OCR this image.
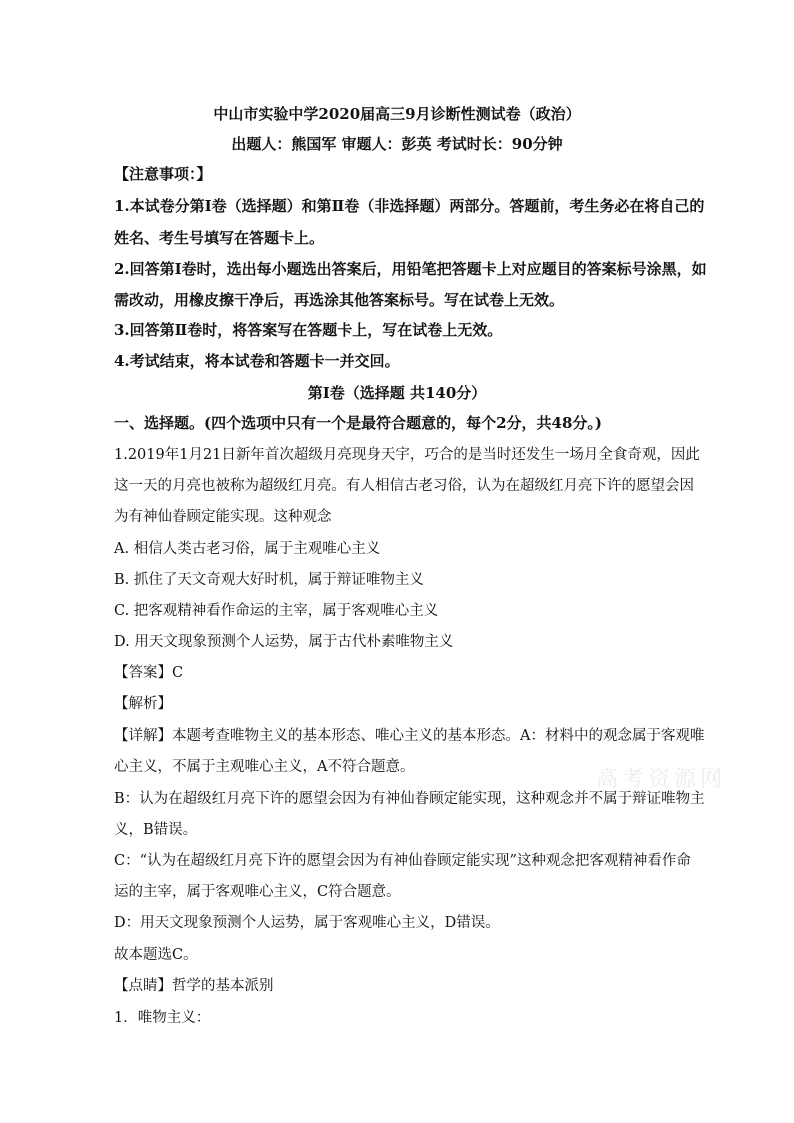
中山市实验中学2020届高三9月诊断性测试卷（政治）
出题人：熊国军 审题人：彭英 考试时长：90分钟
【注意事项：】
1.本试卷分第Ⅰ卷（选择题）和第Ⅱ卷（非选择题）两部分。答题前，考生务必在将自己的
姓名、考生号填写在答题卡上。
2.回答第Ⅰ卷时，选出每小题选出答案后，用铅笔把答题卡上对应题目的答案标号涂黑，如
需改动，用橡皮擦干净后，再选涂其他答案标号。写在试卷上无效。
3.回答第Ⅱ卷时，将答案写在答题卡上，写在试卷上无效。
4.考试结束，将本试卷和答题卡一并交回。
第Ⅰ卷（选择题 共140分）
一、选择题。(四个选项中只有一个是最符合题意的，每个2分，共48分。)
1.2019年1月21日新年首次超级月亮现身天宇，巧合的是当时还发生一场月全食奇观，因此
这一天的月亮也被称为超级红月亮。有人相信古老习俗，认为在超级红月亮下许的愿望会因
为有神仙眷顾定能实现。这种观念
A. 相信人类古老习俗，属于主观唯心主义
B. 抓住了天文奇观大好时机，属于辩证唯物主义
C. 把客观精神看作命运的主宰，属于客观唯心主义
D. 用天文现象预测个人运势，属于古代朴素唯物主义
【答案】C
【解析】
【详解】本题考查唯物主义的基本形态、唯心主义的基本形态。A：材料中的观念属于客观唯
心主义，不属于主观唯心主义，A不符合题意。
B：认为在超级红月亮下许的愿望会因为有神仙眷顾定能实现，这种观念并不属于辩证唯物主
义，B错误。
C：“认为在超级红月亮下许的愿望会因为有神仙眷顾定能实现”这种观念把客观精神看作命
运的主宰，属于客观唯心主义，C符合题意。
D：用天文现象预测个人运势，属于客观唯心主义，D错误。
故本题选C。
【点睛】哲学的基本派别
1．唯物主义：
高考资源网
